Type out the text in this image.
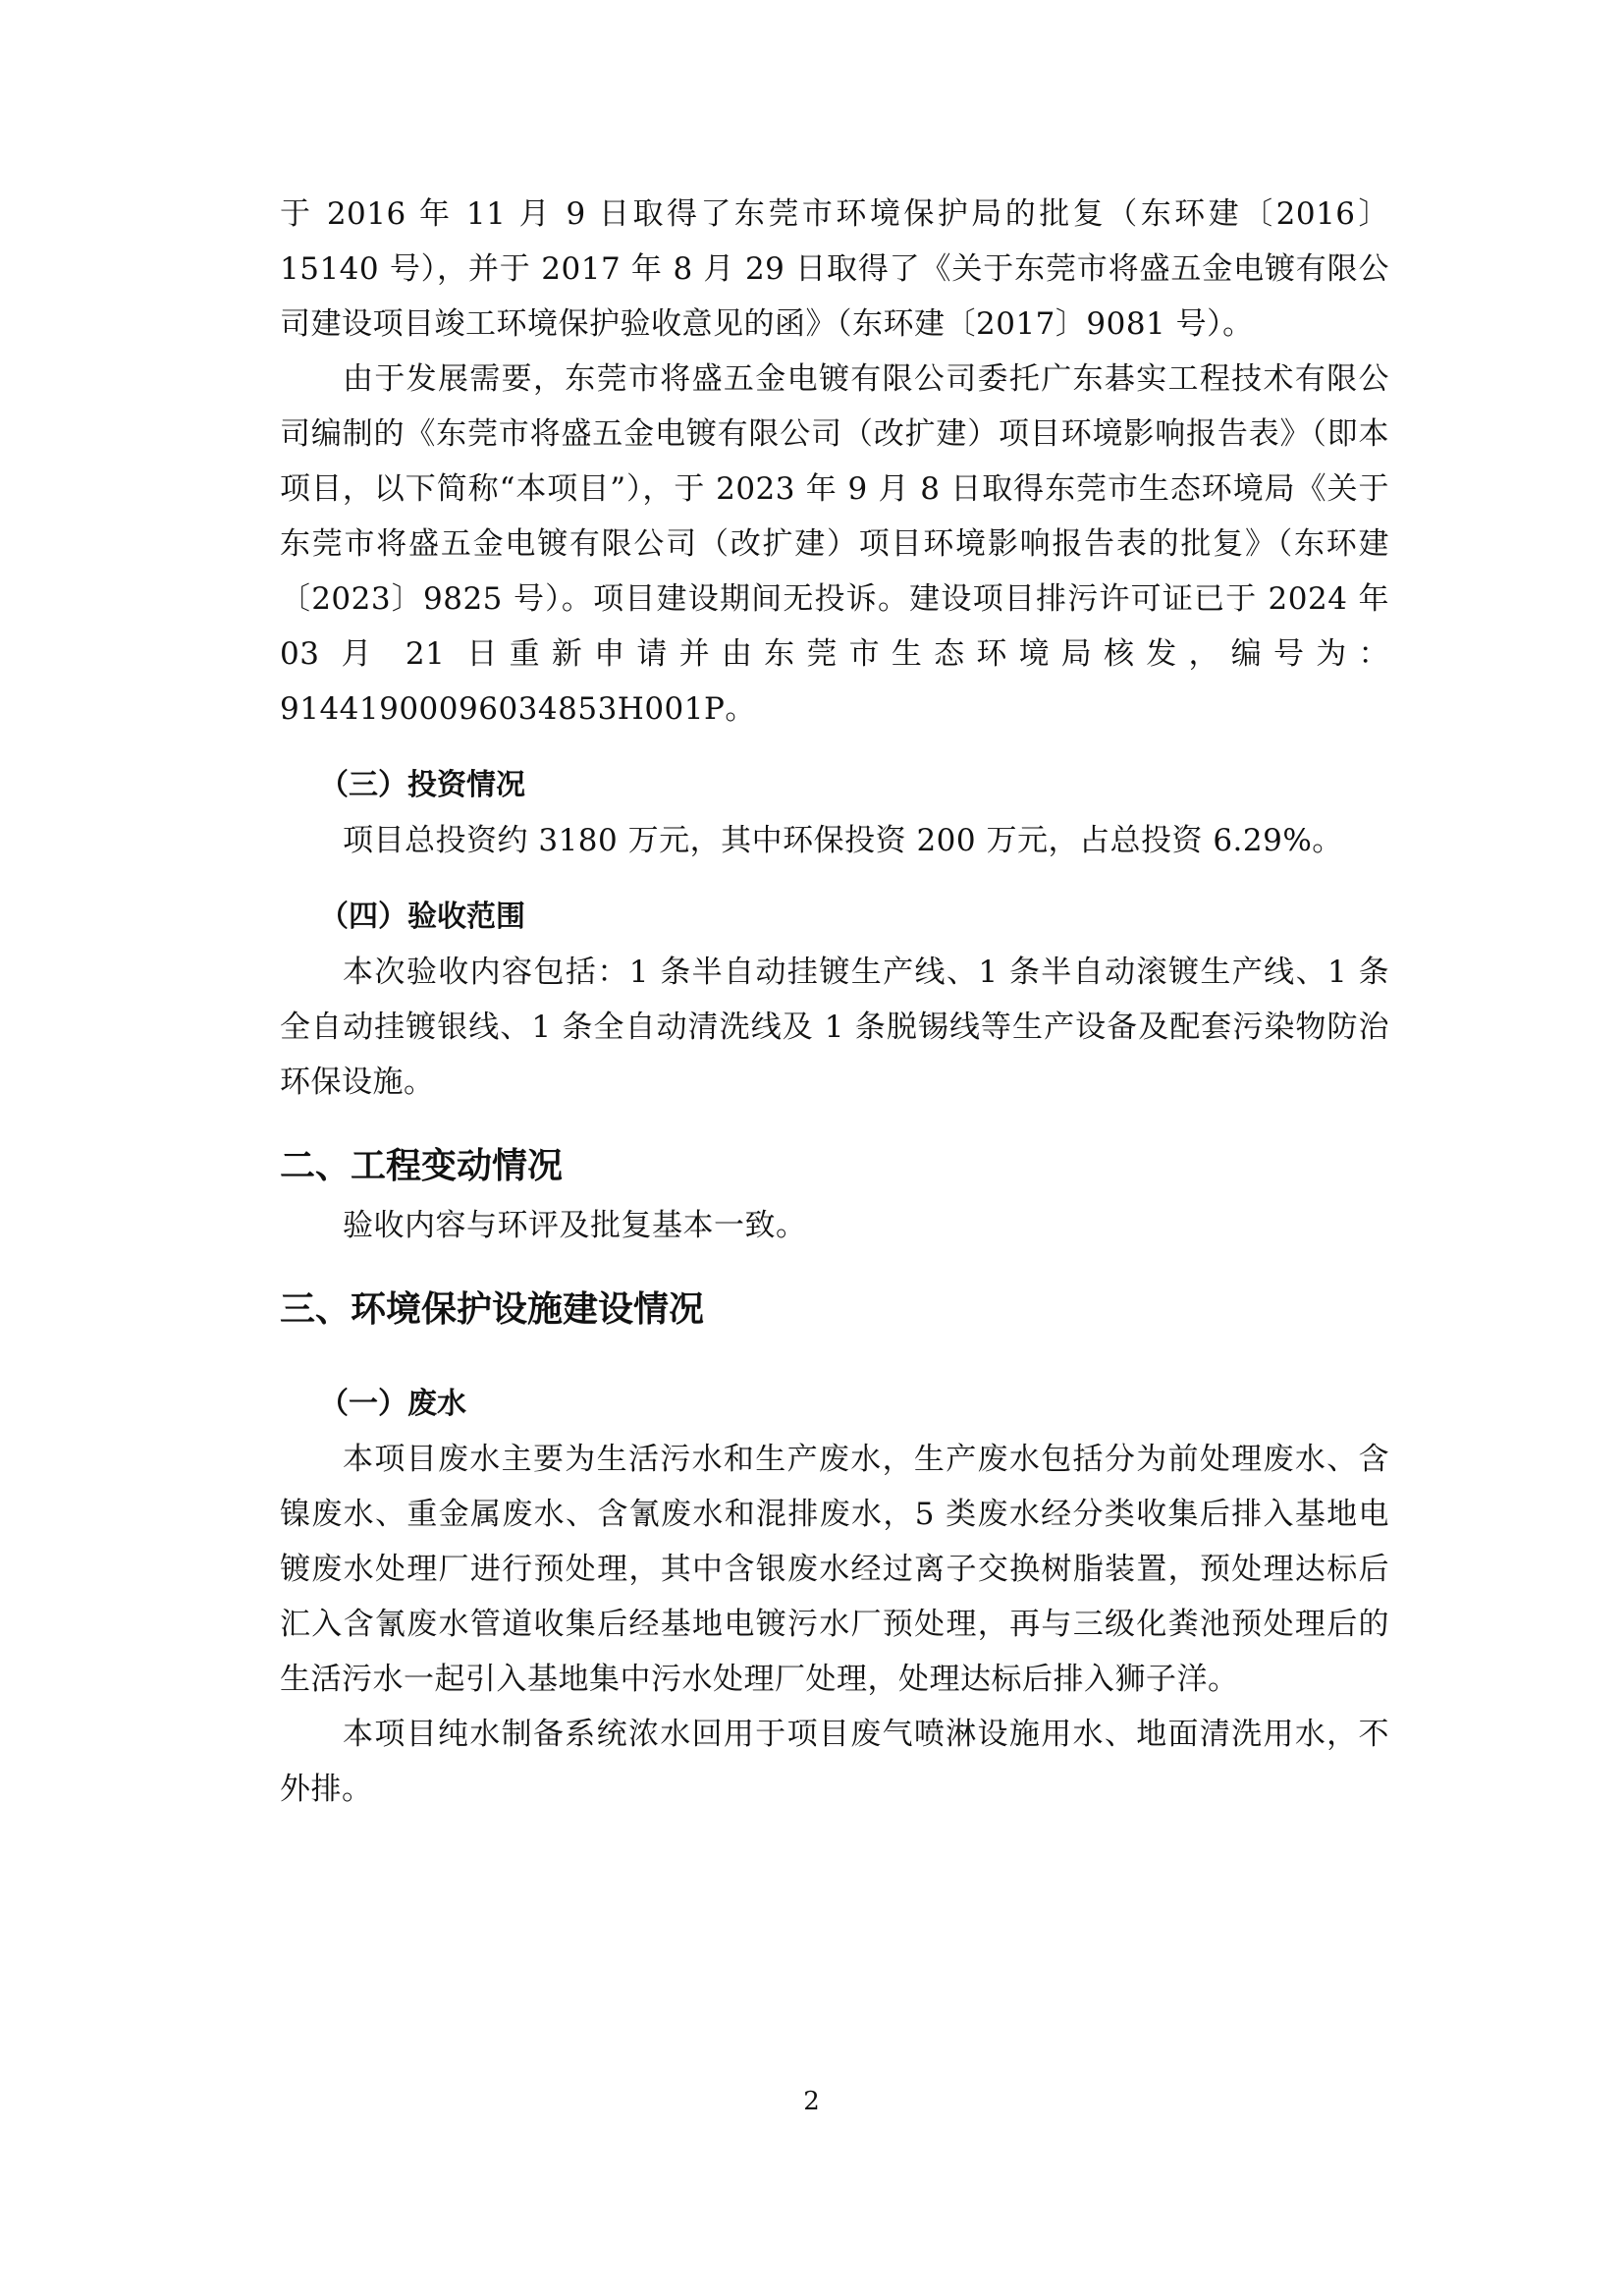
于 2016 年 11 月 9 日取得了东莞市环境保护局的批复（东环建〔2016〕15140 号），并于 2017 年 8 月 29 日取得了《关于东莞市将盛五金电镀有限公司建设项目竣工环境保护验收意见的函》（东环建〔2017〕9081 号）。

由于发展需要，东莞市将盛五金电镀有限公司委托广东碁实工程技术有限公司编制的《东莞市将盛五金电镀有限公司（改扩建）项目环境影响报告表》（即本项目，以下简称“本项目”），于 2023 年 9 月 8 日取得东莞市生态环境局《关于东莞市将盛五金电镀有限公司（改扩建）项目环境影响报告表的批复》（东环建〔2023〕9825 号）。项目建设期间无投诉。建设项目排污许可证已于 2024 年 03 月 21 日重新申请并由东莞市生态环境局核发，编号为：91441900096034853H001P。

（三）投资情况

项目总投资约 3180 万元，其中环保投资 200 万元，占总投资 6.29%。

（四）验收范围

本次验收内容包括：1 条半自动挂镀生产线、1 条半自动滚镀生产线、1 条全自动挂镀银线、1 条全自动清洗线及 1 条脱锡线等生产设备及配套污染物防治环保设施。

二、工程变动情况

验收内容与环评及批复基本一致。

三、环境保护设施建设情况

（一）废水

本项目废水主要为生活污水和生产废水，生产废水包括分为前处理废水、含镍废水、重金属废水、含氰废水和混排废水，5 类废水经分类收集后排入基地电镀废水处理厂进行预处理，其中含银废水经过离子交换树脂装置，预处理达标后汇入含氰废水管道收集后经基地电镀污水厂预处理，再与三级化粪池预处理后的生活污水一起引入基地集中污水处理厂处理，处理达标后排入狮子洋。

本项目纯水制备系统浓水回用于项目废气喷淋设施用水、地面清洗用水，不外排。

2
